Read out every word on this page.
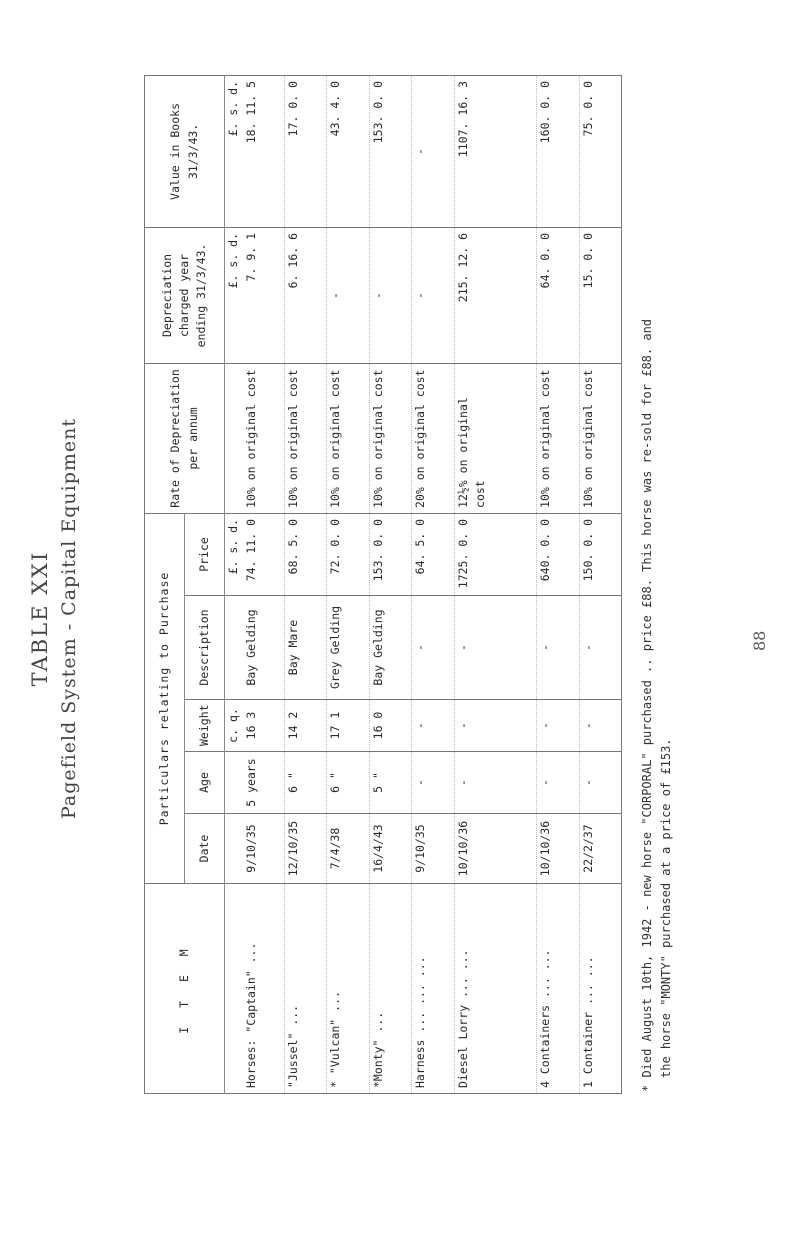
TABLE XXI Pagefield System - Capital Equipment
I T E M	Particulars relating to Purchase					Rate of Depreciation per annum	Depreciation charged year ending 31/3/43.	Value in Books 31/3/43.
	Date	Age	Weight	Description	Price			
			c. q.		£. s. d.		£. s. d.	£. s. d.
Horses: "Captain" ...	9/10/35	5 years	16 3	Bay Gelding	74. 11. 0	10% on original cost	7. 9. 1	18. 11. 5
"Jussel" ...	12/10/35	6 "	14 2	Bay Mare	68. 5. 0	10% on original cost	6. 16. 6	17. 0. 0
* "Vulcan" ...	7/4/38	6 "	17 1	Grey Gelding	72. 0. 0	10% on original cost	-	43. 4. 0
*Monty" ...	16/4/43	5 "	16 0	Bay Gelding	153. 0. 0	10% on original cost	-	153. 0. 0
Harness ... ... ...	9/10/35	-	-	-	64. 5. 0	20% on original cost	-	-
Diesel Lorry ... ...	10/10/36	-	-	-	1725. 0. 0	12½% on original cost	215. 12. 6	1107. 16. 3
4 Containers ... ...	10/10/36	-	-	-	640. 0. 0	10% on original cost	64. 0. 0	160. 0. 0
1 Container ... ...	22/2/37	-	-	-	150. 0. 0	10% on original cost	15. 0. 0	75. 0. 0
* Died August 10th, 1942 - new horse "CORPORAL" purchased .. price £88. This horse was re-sold for £88. and the horse "MONTY" purchased at a price of £153.
88
